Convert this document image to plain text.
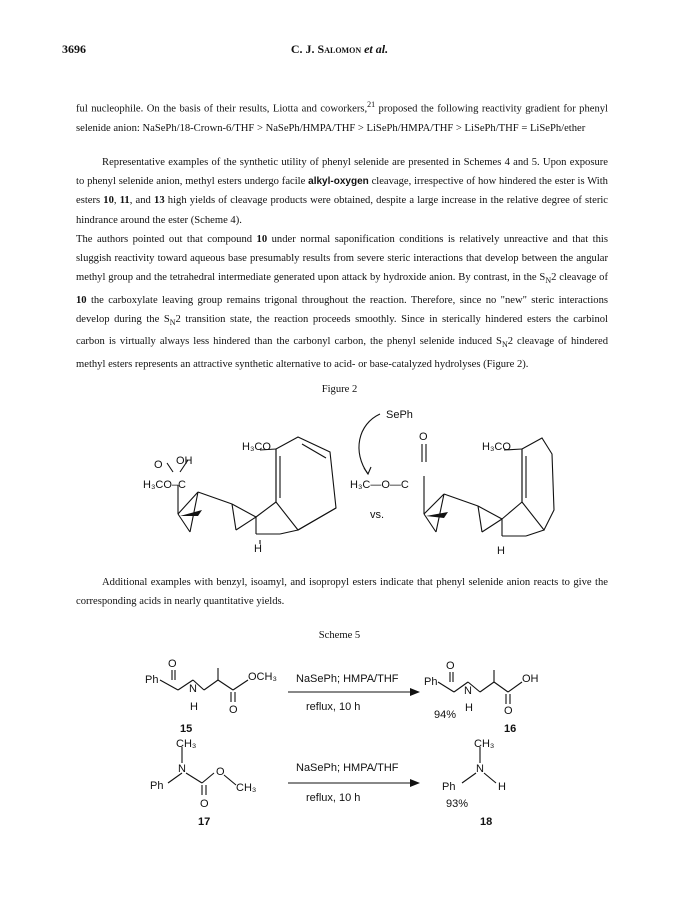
3696	C. J. Salomon et al.
ful nucleophile. On the basis of their results, Liotta and coworkers,$^{21}$ proposed the following reactivity gradient for phenyl selenide anion: NaSePh/18-Crown-6/THF > NaSePh/HMPA/THF > LiSePh/HMPA/THF > LiSePh/THF = LiSePh/ether
Representative examples of the synthetic utility of phenyl selenide are presented in Schemes 4 and 5. Upon exposure to phenyl selenide anion, methyl esters undergo facile alkyl-oxygen cleavage, irrespective of how hindered the ester is With esters 10, 11, and 13 high yields of cleavage products were obtained, despite a large increase in the relative degree of steric hindrance around the ester (Scheme 4).
The authors pointed out that compound 10 under normal saponification conditions is relatively unreactive and that this sluggish reactivity toward aqueous base presumably results from severe steric interactions that develop between the angular methyl group and the tetrahedral intermediate generated upon attack by hydroxide anion. By contrast, in the $S_N2$ cleavage of 10 the carboxylate leaving group remains trigonal throughout the reaction. Therefore, since no "new" steric interactions develop during the $S_N2$ transition state, the reaction proceeds smoothly. Since in sterically hindered esters the carbinol carbon is virtually always less hindered than the carbonyl carbon, the phenyl selenide induced $S_N2$ cleavage of hindered methyl esters represents an attractive synthetic alternative to acid- or base-catalyzed hydrolyses (Figure 2).
Figure 2
OH
O
H₃CO–C
H₃CO
H
SePh
O
H₃C—O—C
H₃CO
H
vs.
Additional examples with benzyl, isoamyl, and isopropyl esters indicate that phenyl selenide anion reacts to give the corresponding acids in nearly quantitative yields.
Scheme 5
O
Ph
N
H	O
OCH₃ NaSePh; HMPA/THF
reflux, 10 h
O
Ph
N
H	O
OH
94%
15	16
CH₃
N
Ph
O
CH₃
O
NaSePh; HMPA/THF
reflux, 10 h
CH₃
N
Ph	H
93%
17	18
